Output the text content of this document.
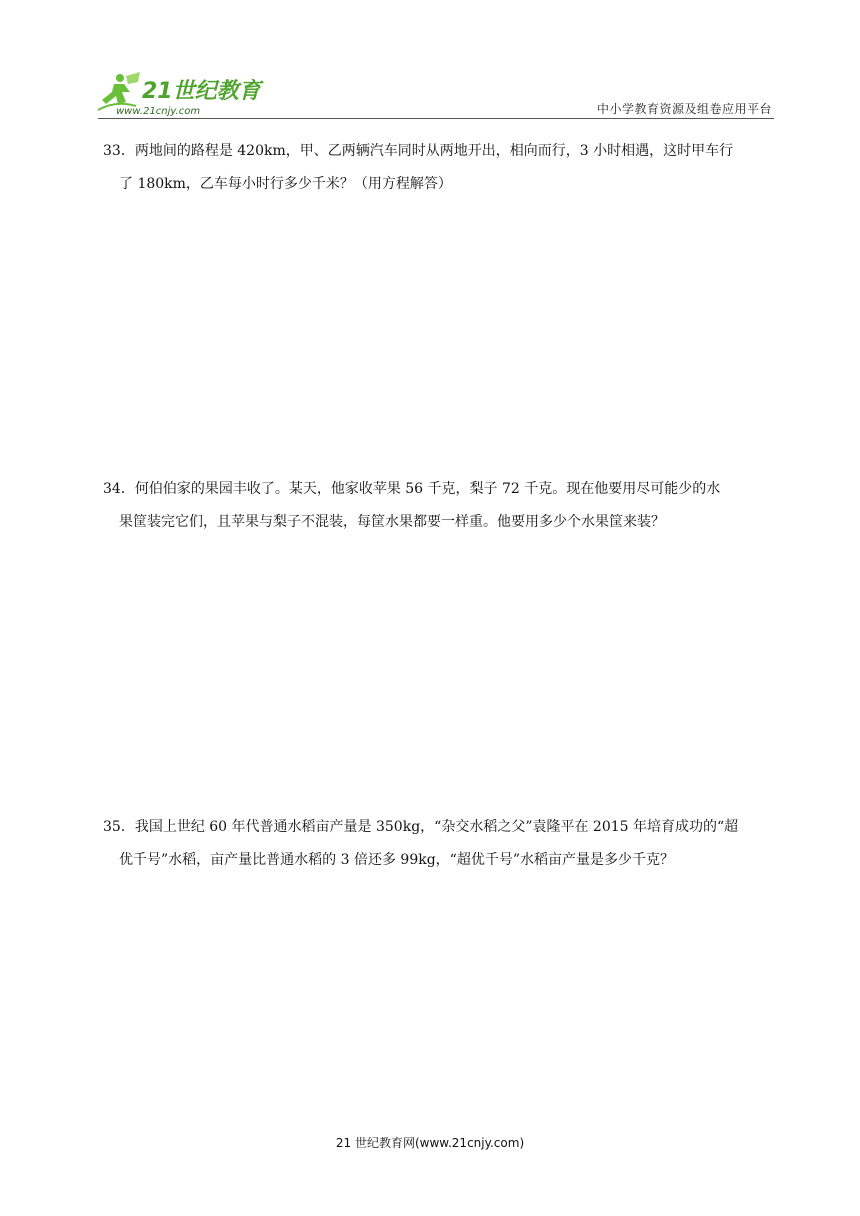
21世纪教育
www.21cnjy.com	中小学教育资源及组卷应用平台
33．两地间的路程是 420km，甲、乙两辆汽车同时从两地开出，相向而行，3 小时相遇，这时甲车行
了 180km，乙车每小时行多少千米？（用方程解答）
34．何伯伯家的果园丰收了。某天，他家收苹果 56 千克，梨子 72 千克。现在他要用尽可能少的水
果筐装完它们，且苹果与梨子不混装，每筐水果都要一样重。他要用多少个水果筐来装？
35．我国上世纪 60 年代普通水稻亩产量是 350kg，“杂交水稻之父”袁隆平在 2015 年培育成功的“超
优千号”水稻，亩产量比普通水稻的 3 倍还多 99kg，“超优千号”水稻亩产量是多少千克？
21 世纪教育网(www.21cnjy.com)
